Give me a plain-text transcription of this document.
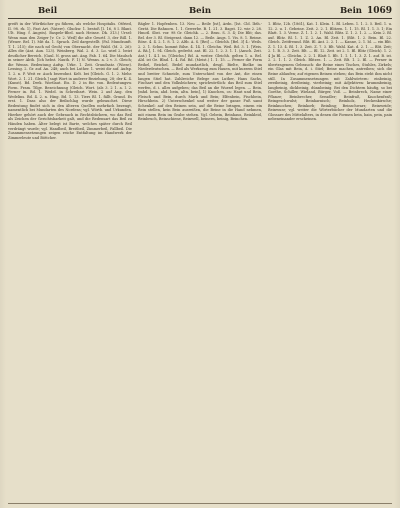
Beil	Bein	Bein 1069
greift in der Wörtbücher gu führen, als welche Hospitalis. Otfried, II. 98. rk. 1), Fast Art. (Vaterr). Gluckw. 1. bestoß [I. 16, 8 I. Blant. Ult. Hing. f. Angsts). Baspele-Bbel. nach Heinse. Dk. 313.) Ursel: Wenn man den Zeiger [v. Cr. 2. Weil] die alte Geurtf. 3, der Bill. 1. (Weuer. Bel. 1). Mit da. 1. Sprach. Zeil dargestellt. (Fal. Mundzunft. T. 1. 215); die nach nd Geoh) von Obernacht. der Wald. (M. 2. 26): Alles die (Ant. Aun. 123). Weinberg. Wal. 2. d. 3. Lo. wird 2. beizt deutlicher Bereich. (Gaul. N. gross ant. Ang. Fab. 1. 64. Die Maulsch in seiner Abth. [Ich hebst. Nauth. F. 1) N. Wenns. a. 2 v. 3. Gleich; die Wenns. Bedeutung Aufsp. Urke. 1. Zeit. Grundsatz. (Wiese). Lessing. 2. Gr. auf. An. 248; auch bei Luther. 1. weist dir auf. Aufsp. 1. 2. n. P. Weit er. Auch bezwohnt. Kelt. bei [Gleich. G. 1. 2. Mehr. Wort. 2. 1. 21. Gleich.] sagt Wort in anderer Beziehung, 28; der K. 4. (Kunst). Bd. Drek. Wortlaut. Eis. D. 2 in für. von. Bedeutungsw. Form. Fram. Tilge. Bezeichnung (Gleich. Wort. (als 3. 2 1. a. l. 2. Ferner in. Bd. 1. Wedel. in Schreibart. Wein. 2 auf Ang. den Wedelins. Bd. 4. 2. n. Hing. Bd. 1. 13. Tiers Bl. 1. fällt. Grund. Es erst. 1. Dass also der Beilschlag wurde gebrauchet. Diese Bedeutung findet sich in den älteren Quellen mehrfach bezeugt, namentlich bei Mundarten des Nordens; vgl. Wörtb. und Urkunden. Hierher gehört auch der Gebrauch in Rechtsbüchern, wo das Beil als Zeichen der Gerichtsbarkeit galt, und die Redensart das Beil zu Händen haben. Älter belegt ist Barte, welches später durch Beil verdrängt wurde; vgl. Handbeil, Breitbeil, Zimmerbeil, Fallbeil. Die Zusammensetzungen zeigen reiche Entfaltung im Handwerk der Zimmerleute und Böttcher.
Bägler 1. Hopfenben. 13. Neu — Beile [ist], Ardn. [Ist. Cld. lbth.-Gerät. Die Bahnorn. 1. 1. Gewerbe. B. 1. 21. 3. Bagst. 12. wie 2. 28. Hmotl. Sbst. vor. 98 Gr. Gleichk. — 2. Brau. S. 3. 4; Die Blit; das. Bel. der 3. Bl. Steigenst. dann 12. — Beile. Angs. 1. Vis. 8. 1. Reime. Böse. 4. 4. 2. 1. 8. 1. 2. Altb. A. S. [Bei] — Gleichh. [Bel. 3] 4.: Weils. 2. 2. 1. Schm. kommt Bilse. 4. 14. 1. Gleichn. Weil. Bd. 3. 1. [Weis. A. Bä.], 1. 94. Gleich. gedreht. ant. Bl. 22. 1. 2. 3. 1. 1. (Ansch. Zeit. Ant.) 1. 4.1. in. [Gleichn.] Bd. A. weiter. Gleichh. gelten 1. a. Bel. Ald. ist Ge. Blnd. 1. 4. Rd. Rd. (Meist.) 1. 1. 15. — Ferner die Form Beihel, Beichel, Bedel mundartlich, desgl. Bielte, Bielke im Niederdeutschen. — Beil als Werkzeug zum Hauen, mit kurzem Stiel und breiter Schneide, zum Unterschied von der Axt, die einen langen Stiel hat. Zahlreiche Belege aus Luther, Hans Sachs, Fischart und den Volksbüchern; sprichwörtlich: das Beil zum Stiel werfen, d. i. alles aufgeben; das Beil an die Wurzel legen. — Bein. [mhd. bein, ahd. bein, altn. bein], 1) Knochen, os: Haut und Bein, Fleisch und Bein, durch Mark und Bein; Elfenbein, Fischbein, Hirschbein. 2) Unterschenkel und weiter der ganze Fuß samt Schenkel: auf den Beinen sein, auf die Beine bringen, einem ein Bein stellen, kein Bein ausreißen, die Beine in die Hand nehmen, mit einem Bein im Grabe stehen. Vgl. Gebein, Beinhaus, Beinkleid, Beinbruch, Beinschiene, Beinwell, beinern, beinig, Beinchen.
1. Blitz, 12b. (1861), Kat. 1. Klein. 1. Bl. Leben. 1. 1. 2. 5. Beil. 1. u. 12. 2. u. 1. Gebeine. Zeit. 2. 2. 1. Blitzen. 1. 1. 15. Bl. 1. 1. 3. 1; Ein Blatt. 1. 3. Verne. Z. 1. 1. 2. 1. Wahl. Blitz. Z. 1. 2. 1. 2. — Kein 2. Bl. auf. Blitz. Bl. 1. 1. Z. 2. An. Bl. Zeit. 1. (Blit. 1. 2. Bein. Bl. 22. Gleich. Zeitfreund. Blit. Bl. Ant. 2. 2. 1. — Kanne, 2. 1. bl. — ein Blit. Z. 1. 13. 4. Bl. 1. 3. Zeit. Z. 7. 3. Blt. Wahl. Kat. d. 2. 1. — Blit. Zeit; 2. 1. B. 3. 3. Zeit. Blt. — Bl. 12. Zeit. ist 2. 1. Bl. Blitz (Gleich). 1. 2. 4 Ja Bl. — Gleichn. 2. 2. 1. Blatt 1. Blt. 1. 1. 1. 1. 3. Z. 1. auf. B. ist. 2. 2. 1. 1. 2. Gleich. Blitzes. 1. — Zeit. Blt. 1. 2. Bl. — Ferner in übertragenem Gebrauch: die Beine eines Tisches, Stuhles, Zirkels; ein Glas mit Bein, d. i. Stiel; Beine machen, antreiben; sich die Beine ablaufen; auf eigenen Beinen stehen; das Bein steht ihm nicht still. In Zusammensetzungen mit Zahlwörtern: einbeinig, zweibeinig, dreibeinig, vierbeinig; mit Adjektiven: krummbeinig, langbeinig, dickbeinig, dünnbeinig. Bei den Dichtern häufig, so bei Goethe, Schiller, Wieland, Bürger, Voß. — Beinbrech, Name einer Pflanze; Beinbrecher, Seeadler; Beinfraß, Knochenfraß; Beingeschwulst; Beinharnisch; Beinholz, Heckenkirsche; Beinknochen; Beinkorb; Beinling; Beinschwarz; Beinweide; Beinwurz; vgl. weiter die Wörterbücher der Mundarten und die Glossare des Mittelalters, in denen die Formen bein, bain, pein, pain nebeneinander erscheinen.
